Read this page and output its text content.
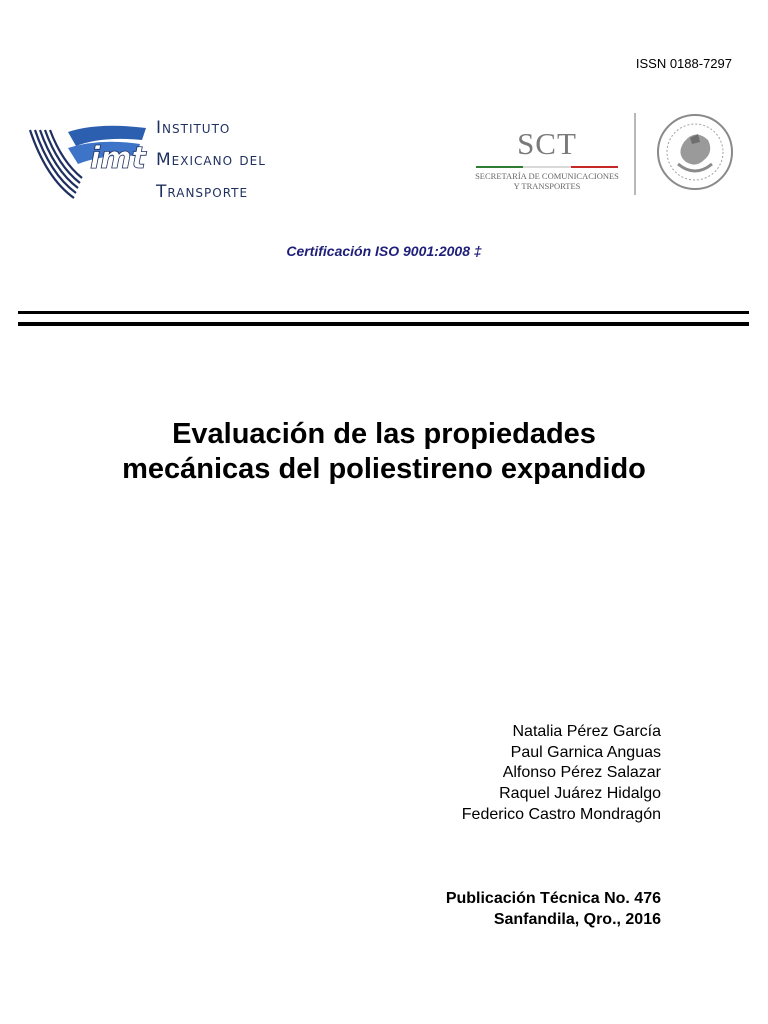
ISSN 0188-7297
imt
Instituto
Mexicano del
Transporte
SCT
SECRETARÍA DE COMUNICACIONES
Y TRANSPORTES
Certificación ISO 9001:2008 ‡
Evaluación de las propiedades
mecánicas del poliestireno expandido
Natalia Pérez García
Paul Garnica Anguas
Alfonso Pérez Salazar
Raquel Juárez Hidalgo
Federico Castro Mondragón
Publicación Técnica No. 476
Sanfandila, Qro., 2016
